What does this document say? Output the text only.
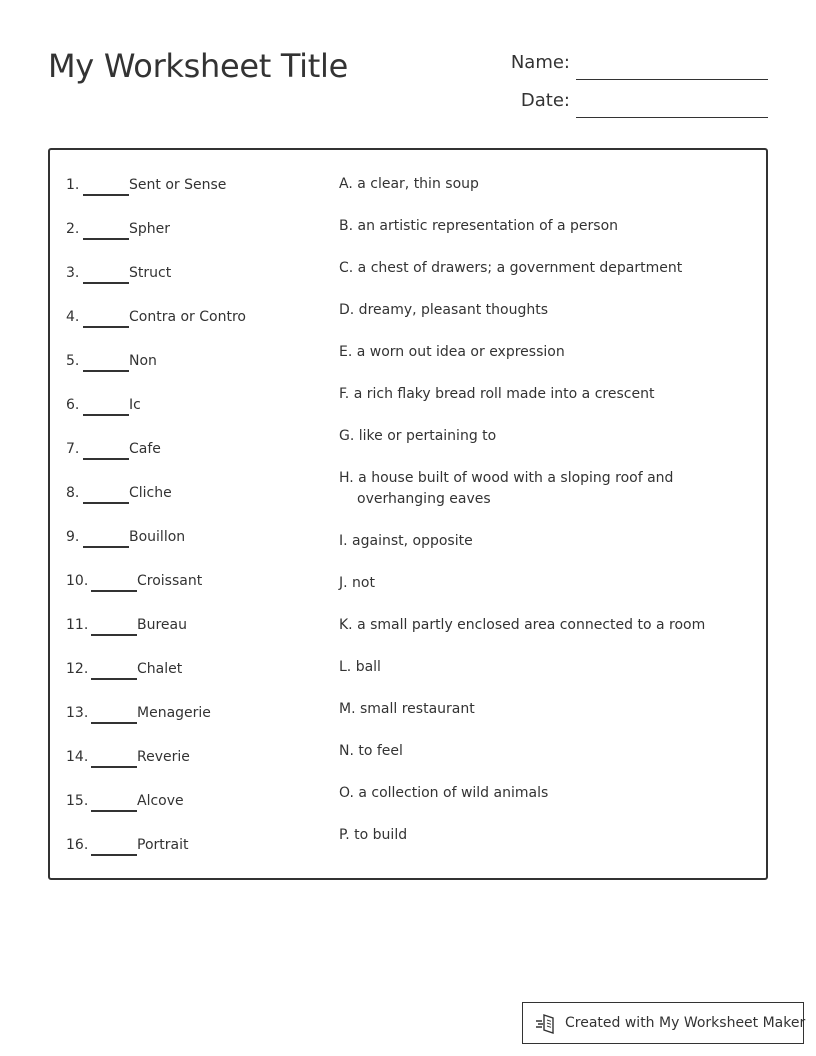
My Worksheet Title	Name:
Date:
1.	Sent or Sense
2.	Spher
3.	Struct
4.	Contra or Contro
5.	Non
6.	Ic
7.	Cafe
8.	Cliche
9.	Bouillon
10.	Croissant
11.	Bureau
12.	Chalet
13.	Menagerie
14.	Reverie
15.	Alcove
16.	Portrait
A. a clear, thin soup
B. an artistic representation of a person
C. a chest of drawers; a government department
D. dreamy, pleasant thoughts
E. a worn out idea or expression
F. a rich flaky bread roll made into a crescent
G. like or pertaining to
H. a house built of wood with a sloping roof and overhanging eaves
I. against, opposite
J. not
K. a small partly enclosed area connected to a room
L. ball
M. small restaurant
N. to feel
O. a collection of wild animals
P. to build
Created with My Worksheet Maker
